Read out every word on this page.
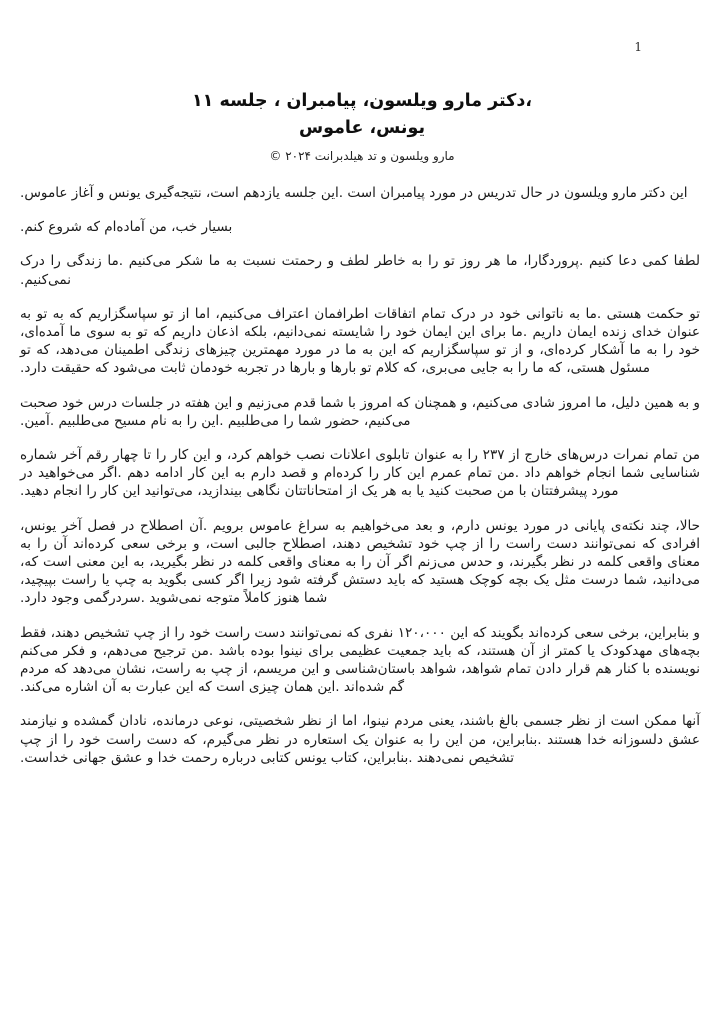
1
،دکتر مارو ویلسون، پیامبران ، جلسه ۱۱
یونس، عاموس
مارو ویلسون و تد هیلدبرانت ۲۰۲۴ ©

این دکتر مارو ویلسون در حال تدریس در مورد پیامبران است .این جلسه یازدهم است، نتیجه‌گیری یونس و آغاز عاموس.

بسیار خب، من آماده‌ام که شروع کنم.

لطفا کمی دعا کنیم .پروردگارا، ما هر روز تو را به خاطر لطف و رحمتت نسبت به ما شکر می‌کنیم .ما زندگی را درک نمی‌کنیم.

تو حکمت هستی .ما به ناتوانی خود در درک تمام اتفاقات اطرافمان اعتراف می‌کنیم، اما از تو سپاسگزاریم که به تو به عنوان خدای زنده ایمان داریم .ما برای این ایمان خود را شایسته نمی‌دانیم، بلکه اذعان داریم که تو به سوی ما آمده‌ای، خود را به ما آشکار کرده‌ای، و از تو سپاسگزاریم که این به ما در مورد مهمترین چیزهای زندگی اطمینان می‌دهد، که تو مسئول هستی، که ما را به جایی می‌بری، که کلام تو بارها و بارها در تجربه خودمان ثابت می‌شود که حقیقت دارد.

و به همین دلیل، ما امروز شادی می‌کنیم، و همچنان که امروز با شما قدم می‌زنیم و این هفته در جلسات درس خود صحبت می‌کنیم، حضور شما را می‌طلبیم .این را به نام مسیح می‌طلبیم .آمین.

من تمام نمرات درس‌های خارج از ۲۳۷ را به عنوان تابلوی اعلانات نصب خواهم کرد، و این کار را تا چهار رقم آخر شماره شناسایی شما انجام خواهم داد .من تمام عمرم این کار را کرده‌ام و قصد دارم به این کار ادامه دهم .اگر می‌خواهید در مورد پیشرفتتان با من صحبت کنید یا به هر یک از امتحاناتتان نگاهی بیندازید، می‌توانید این کار را انجام دهید.

حالا، چند نکته‌ی پایانی در مورد یونس دارم، و بعد می‌خواهیم به سراغ عاموس برویم .آن اصطلاح در فصل آخر یونس، افرادی که نمی‌توانند دست راست را از چپ خود تشخیص دهند، اصطلاح جالبی است، و برخی سعی کرده‌اند آن را به معنای واقعی کلمه در نظر بگیرند، و حدس می‌زنم اگر آن را به معنای واقعی کلمه در نظر بگیرید، به این معنی است که، می‌دانید، شما درست مثل یک بچه کوچک هستید که باید دستش گرفته شود زیرا اگر کسی بگوید به چپ یا راست بپیچید، شما هنوز کاملاً متوجه نمی‌شوید .سردرگمی وجود دارد.

و بنابراین، برخی سعی کرده‌اند بگویند که این ۱۲۰،۰۰۰ نفری که نمی‌توانند دست راست خود را از چپ تشخیص دهند، فقط بچه‌های مهدکودک یا کمتر از آن هستند، که باید جمعیت عظیمی برای نینوا بوده باشد .من ترجیح می‌دهم، و فکر می‌کنم نویسنده با کنار هم قرار دادن تمام شواهد، شواهد باستان‌شناسی و این مریسم، از چپ به راست، نشان می‌دهد که مردم گم شده‌اند .این همان چیزی است که این عبارت به آن اشاره می‌کند.

آنها ممکن است از نظر جسمی بالغ باشند، یعنی مردم نینوا، اما از نظر شخصیتی، نوعی درمانده، نادان گمشده و نیازمند عشق دلسوزانه خدا هستند .بنابراین، من این را به عنوان یک استعاره در نظر می‌گیرم، که دست راست خود را از چپ تشخیص نمی‌دهند .بنابراین، کتاب یونس کتابی درباره رحمت خدا و عشق جهانی خداست.
